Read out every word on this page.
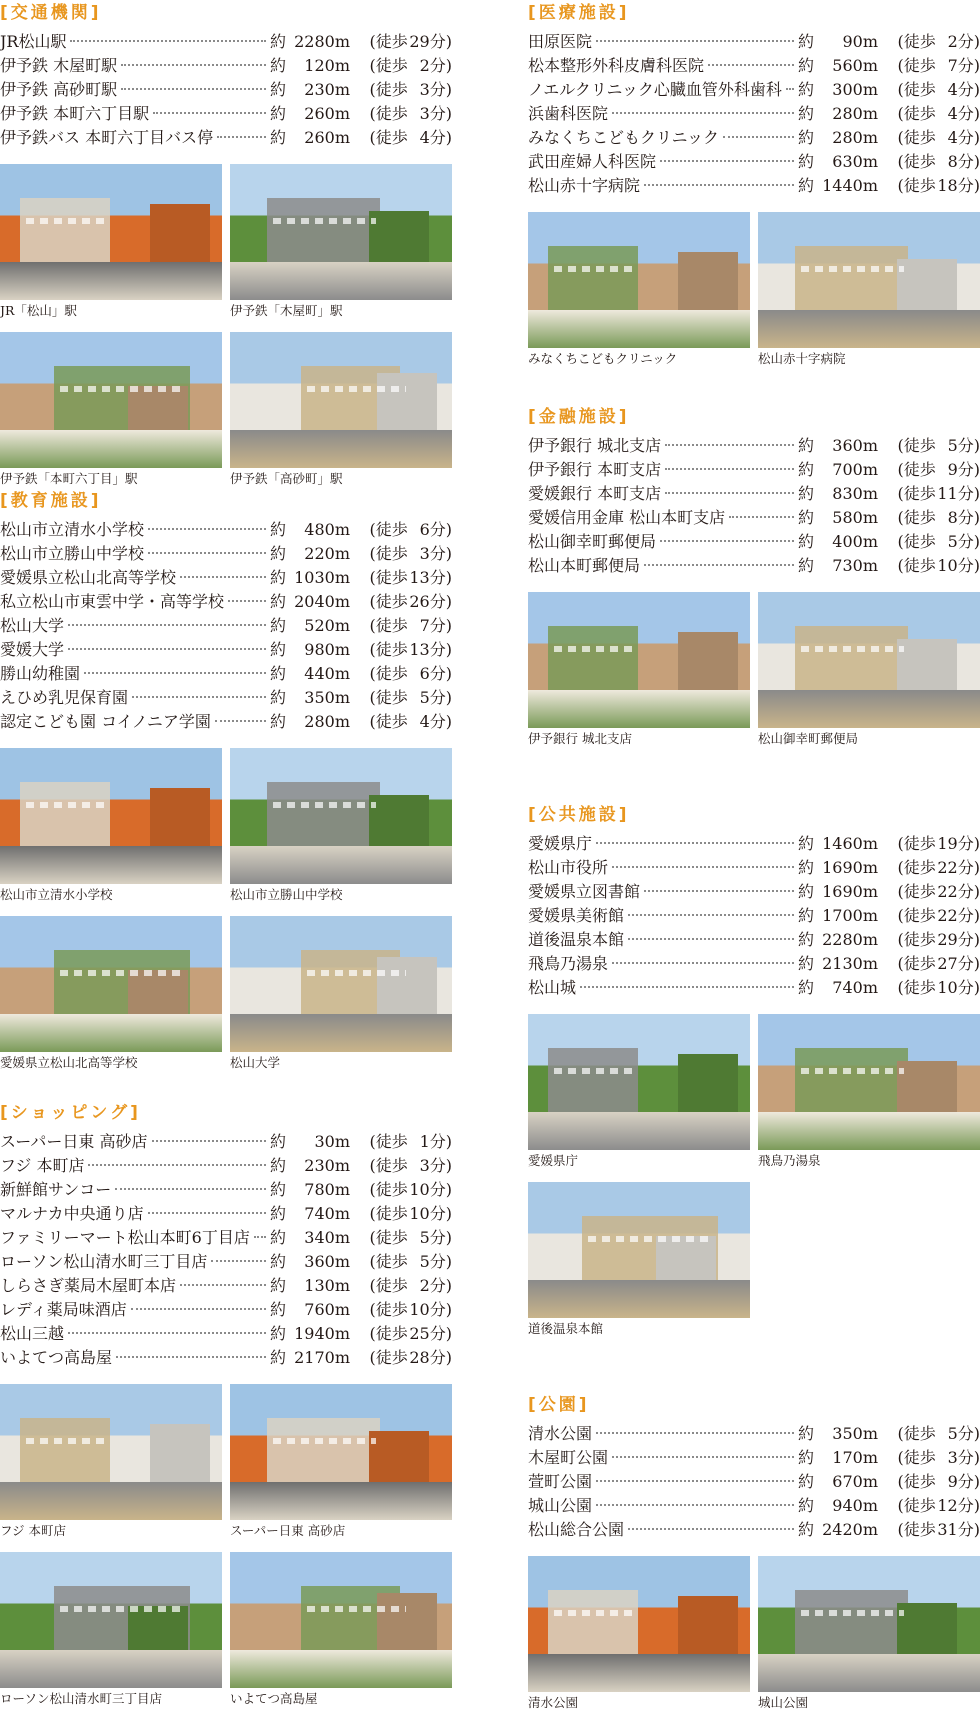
[交通機関]
JR松山駅	約 2280m	(徒歩 29分)
伊予鉄 木屋町駅	約	120m	(徒歩 2分)
伊予鉄 高砂町駅	約	230m	(徒歩 3分)
伊予鉄 本町六丁目駅	約	260m	(徒歩 3分)
伊予鉄バス 本町六丁目バス停	約	260m	(徒歩 4分)
JR「松山」駅	伊予鉄「木屋町」駅
伊予鉄「本町六丁目」駅	伊予鉄「高砂町」駅
[教育施設]
松山市立清水小学校	約	480m	(徒歩 6分)
松山市立勝山中学校	約	220m	(徒歩 3分)
愛媛県立松山北高等学校	約 1030m	(徒歩 13分)
私立松山市東雲中学・高等学校	約 2040m	(徒歩 26分)
松山大学	約	520m	(徒歩 7分)
愛媛大学	約	980m	(徒歩 13分)
勝山幼稚園	約	440m	(徒歩 6分)
えひめ乳児保育園	約	350m	(徒歩 5分)
認定こども園 コイノニア学園	約	280m	(徒歩 4分)
松山市立清水小学校	松山市立勝山中学校
愛媛県立松山北高等学校	松山大学
[ショッピング]
スーパー日東 高砂店	約	30m	(徒歩 1分)
フジ 本町店	約	230m	(徒歩 3分)
新鮮館サンコー	約	780m	(徒歩 10分)
マルナカ中央通り店	約	740m	(徒歩 10分)
ファミリーマート松山本町6丁目店 約	340m	(徒歩 5分)
ローソン松山清水町三丁目店	約	360m	(徒歩 5分)
しらさぎ薬局木屋町本店	約	130m	(徒歩 2分)
レディ薬局味酒店	約	760m	(徒歩 10分)
松山三越	約 1940m	(徒歩 25分)
いよてつ高島屋	約 2170m	(徒歩 28分)
フジ 本町店	スーパー日東 高砂店
ローソン松山清水町三丁目店	いよてつ高島屋
[医療施設]
田原医院	約	90m	(徒歩 2分)
松本整形外科皮膚科医院	約	560m	(徒歩 7分)
ノエルクリニック心臓血管外科歯科 約	300m	(徒歩 4分)
浜歯科医院	約	280m	(徒歩 4分)
みなくちこどもクリニック	約	280m	(徒歩 4分)
武田産婦人科医院	約	630m	(徒歩 8分)
松山赤十字病院	約 1440m	(徒歩 18分)
みなくちこどもクリニック	松山赤十字病院
[金融施設]
伊予銀行 城北支店	約	360m	(徒歩 5分)
伊予銀行 本町支店	約	700m	(徒歩 9分)
愛媛銀行 本町支店	約	830m	(徒歩 11分)
愛媛信用金庫 松山本町支店	約	580m	(徒歩 8分)
松山御幸町郵便局	約	400m	(徒歩 5分)
松山本町郵便局	約	730m	(徒歩 10分)
伊予銀行 城北支店	松山御幸町郵便局
[公共施設]
愛媛県庁	約 1460m	(徒歩 19分)
松山市役所	約 1690m	(徒歩 22分)
愛媛県立図書館	約 1690m	(徒歩 22分)
愛媛県美術館	約 1700m	(徒歩 22分)
道後温泉本館	約 2280m	(徒歩 29分)
飛鳥乃湯泉	約 2130m	(徒歩 27分)
松山城	約	740m	(徒歩 10分)
愛媛県庁	飛鳥乃湯泉
道後温泉本館
[公園]
清水公園	約	350m	(徒歩 5分)
木屋町公園	約	170m	(徒歩 3分)
萱町公園	約	670m	(徒歩 9分)
城山公園	約	940m	(徒歩 12分)
松山総合公園	約 2420m	(徒歩 31分)
清水公園	城山公園
